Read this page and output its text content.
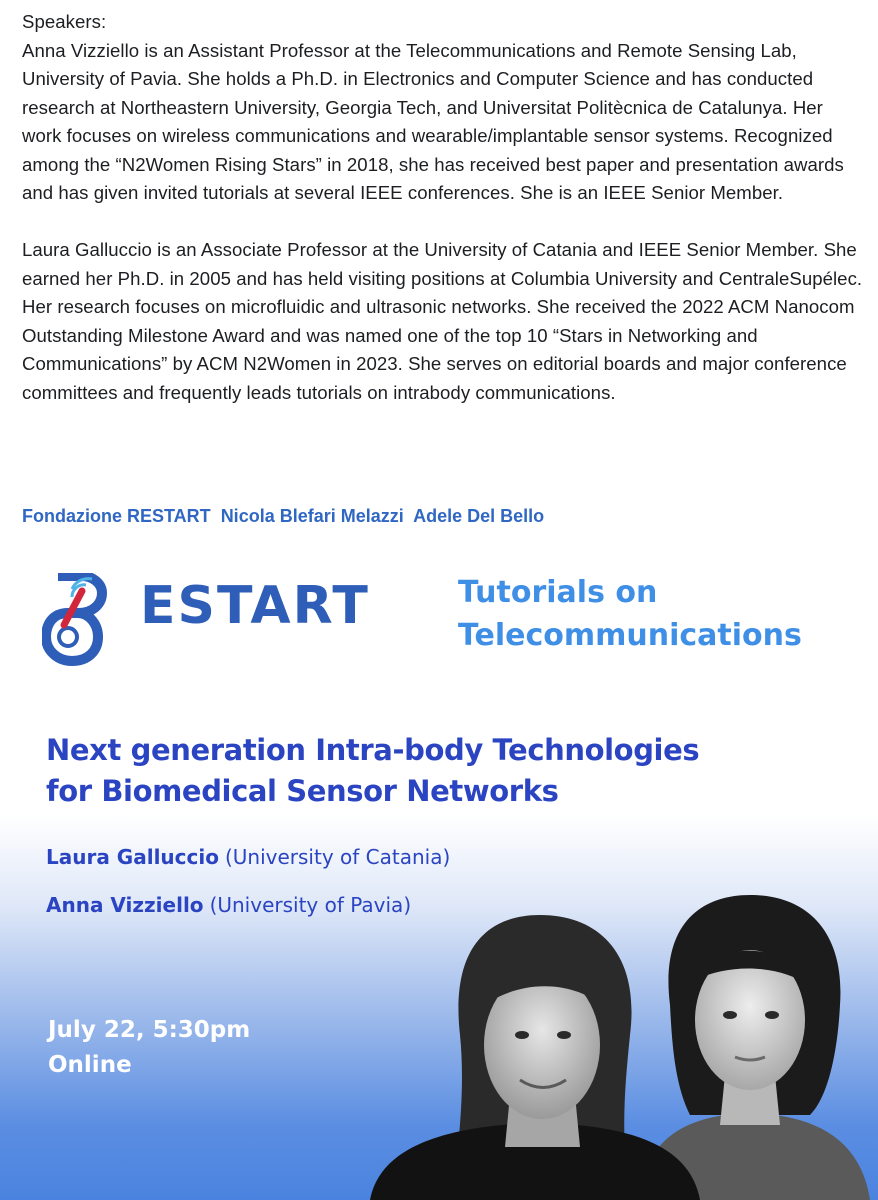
Speakers:

Anna Vizziello is an Assistant Professor at the Telecommunications and Remote Sensing Lab, University of Pavia. She holds a Ph.D. in Electronics and Computer Science and has conducted research at Northeastern University, Georgia Tech, and Universitat Politècnica de Catalunya. Her work focuses on wireless communications and wearable/implantable sensor systems. Recognized among the “N2Women Rising Stars” in 2018, she has received best paper and presentation awards and has given invited tutorials at several IEEE conferences. She is an IEEE Senior Member.

Laura Galluccio is an Associate Professor at the University of Catania and IEEE Senior Member. She earned her Ph.D. in 2005 and has held visiting positions at Columbia University and CentraleSupélec. Her research focuses on microfluidic and ultrasonic networks. She received the 2022 ACM Nanocom Outstanding Milestone Award and was named one of the top 10 “Stars in Networking and Communications” by ACM N2Women in 2023. She serves on editorial boards and major conference committees and frequently leads tutorials on intrabody communications.

Fondazione RESTART Nicola Blefari Melazzi Adele Del Bello
ESTART	Tutorials on
Telecommunications
Next generation Intra-body Technologies
for Biomedical Sensor Networks
Laura Galluccio (University of Catania)
Anna Vizziello (University of Pavia)
July 22, 5:30pm
Online
